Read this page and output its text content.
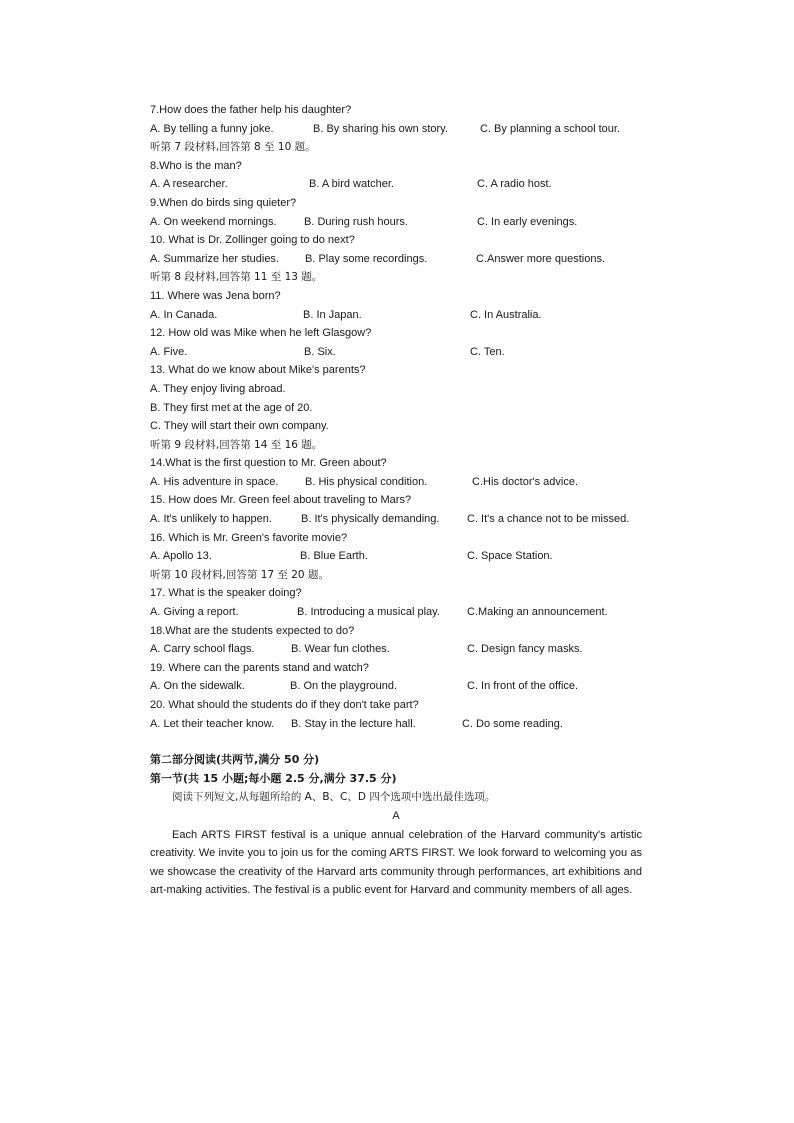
7.How does the father help his daughter?
A. By telling a funny joke.	B. By sharing his own story.	C. By planning a school tour.
听第 7 段材料,回答第 8 至 10 题。
8.Who is the man?
A. A researcher.	B. A bird watcher.	C. A radio host.
9.When do birds sing quieter?
A. On weekend mornings. B. During rush hours.	C. In early evenings.
10. What is Dr. Zollinger going to do next?
A. Summarize her studies. B. Play some recordings.	C.Answer more questions.
听第 8 段材料,回答第 11 至 13 题。
11. Where was Jena born?
A. In Canada.	B. In Japan.	C. In Australia.
12. How old was Mike when he left Glasgow?
A. Five.	B. Six.	C. Ten.
13. What do we know about Mike's parents?
A. They enjoy living abroad.
B. They first met at the age of 20.
C. They will start their own company.
听第 9 段材料,回答第 14 至 16 题。
14.What is the first question to Mr. Green about?
A. His adventure in space. B. His physical condition.	C.His doctor's advice.
15. How does Mr. Green feel about traveling to Mars?
A. It's unlikely to happen.	B. It's physically demanding.	C. It's a chance not to be missed.
16. Which is Mr. Green's favorite movie?
A. Apollo 13.	B. Blue Earth.	C. Space Station.
听第 10 段材料,回答第 17 至 20 题。
17. What is the speaker doing?
A. Giving a report.	B. Introducing a musical play. C.Making an announcement.
18.What are the students expected to do?
A. Carry school flags.	B. Wear fun clothes.	C. Design fancy masks.
19. Where can the parents stand and watch?
A. On the sidewalk.	B. On the playground.	C. In front of the office.
20. What should the students do if they don't take part?
A. Let their teacher know. B. Stay in the lecture hall.	C. Do some reading.
第二部分阅读(共两节,满分 50 分)
第一节(共 15 小题;每小题 2.5 分,满分 37.5 分)
阅读下列短文,从每题所给的 A、B、C、D 四个选项中选出最佳选项。
A
Each ARTS FIRST festival is a unique annual celebration of the Harvard community's artistic creativity. We invite you to join us for the coming ARTS FIRST. We look forward to welcoming you as we showcase the creativity of the Harvard arts community through performances, art exhibitions and art-making activities. The festival is a public event for Harvard and community members of all ages.
